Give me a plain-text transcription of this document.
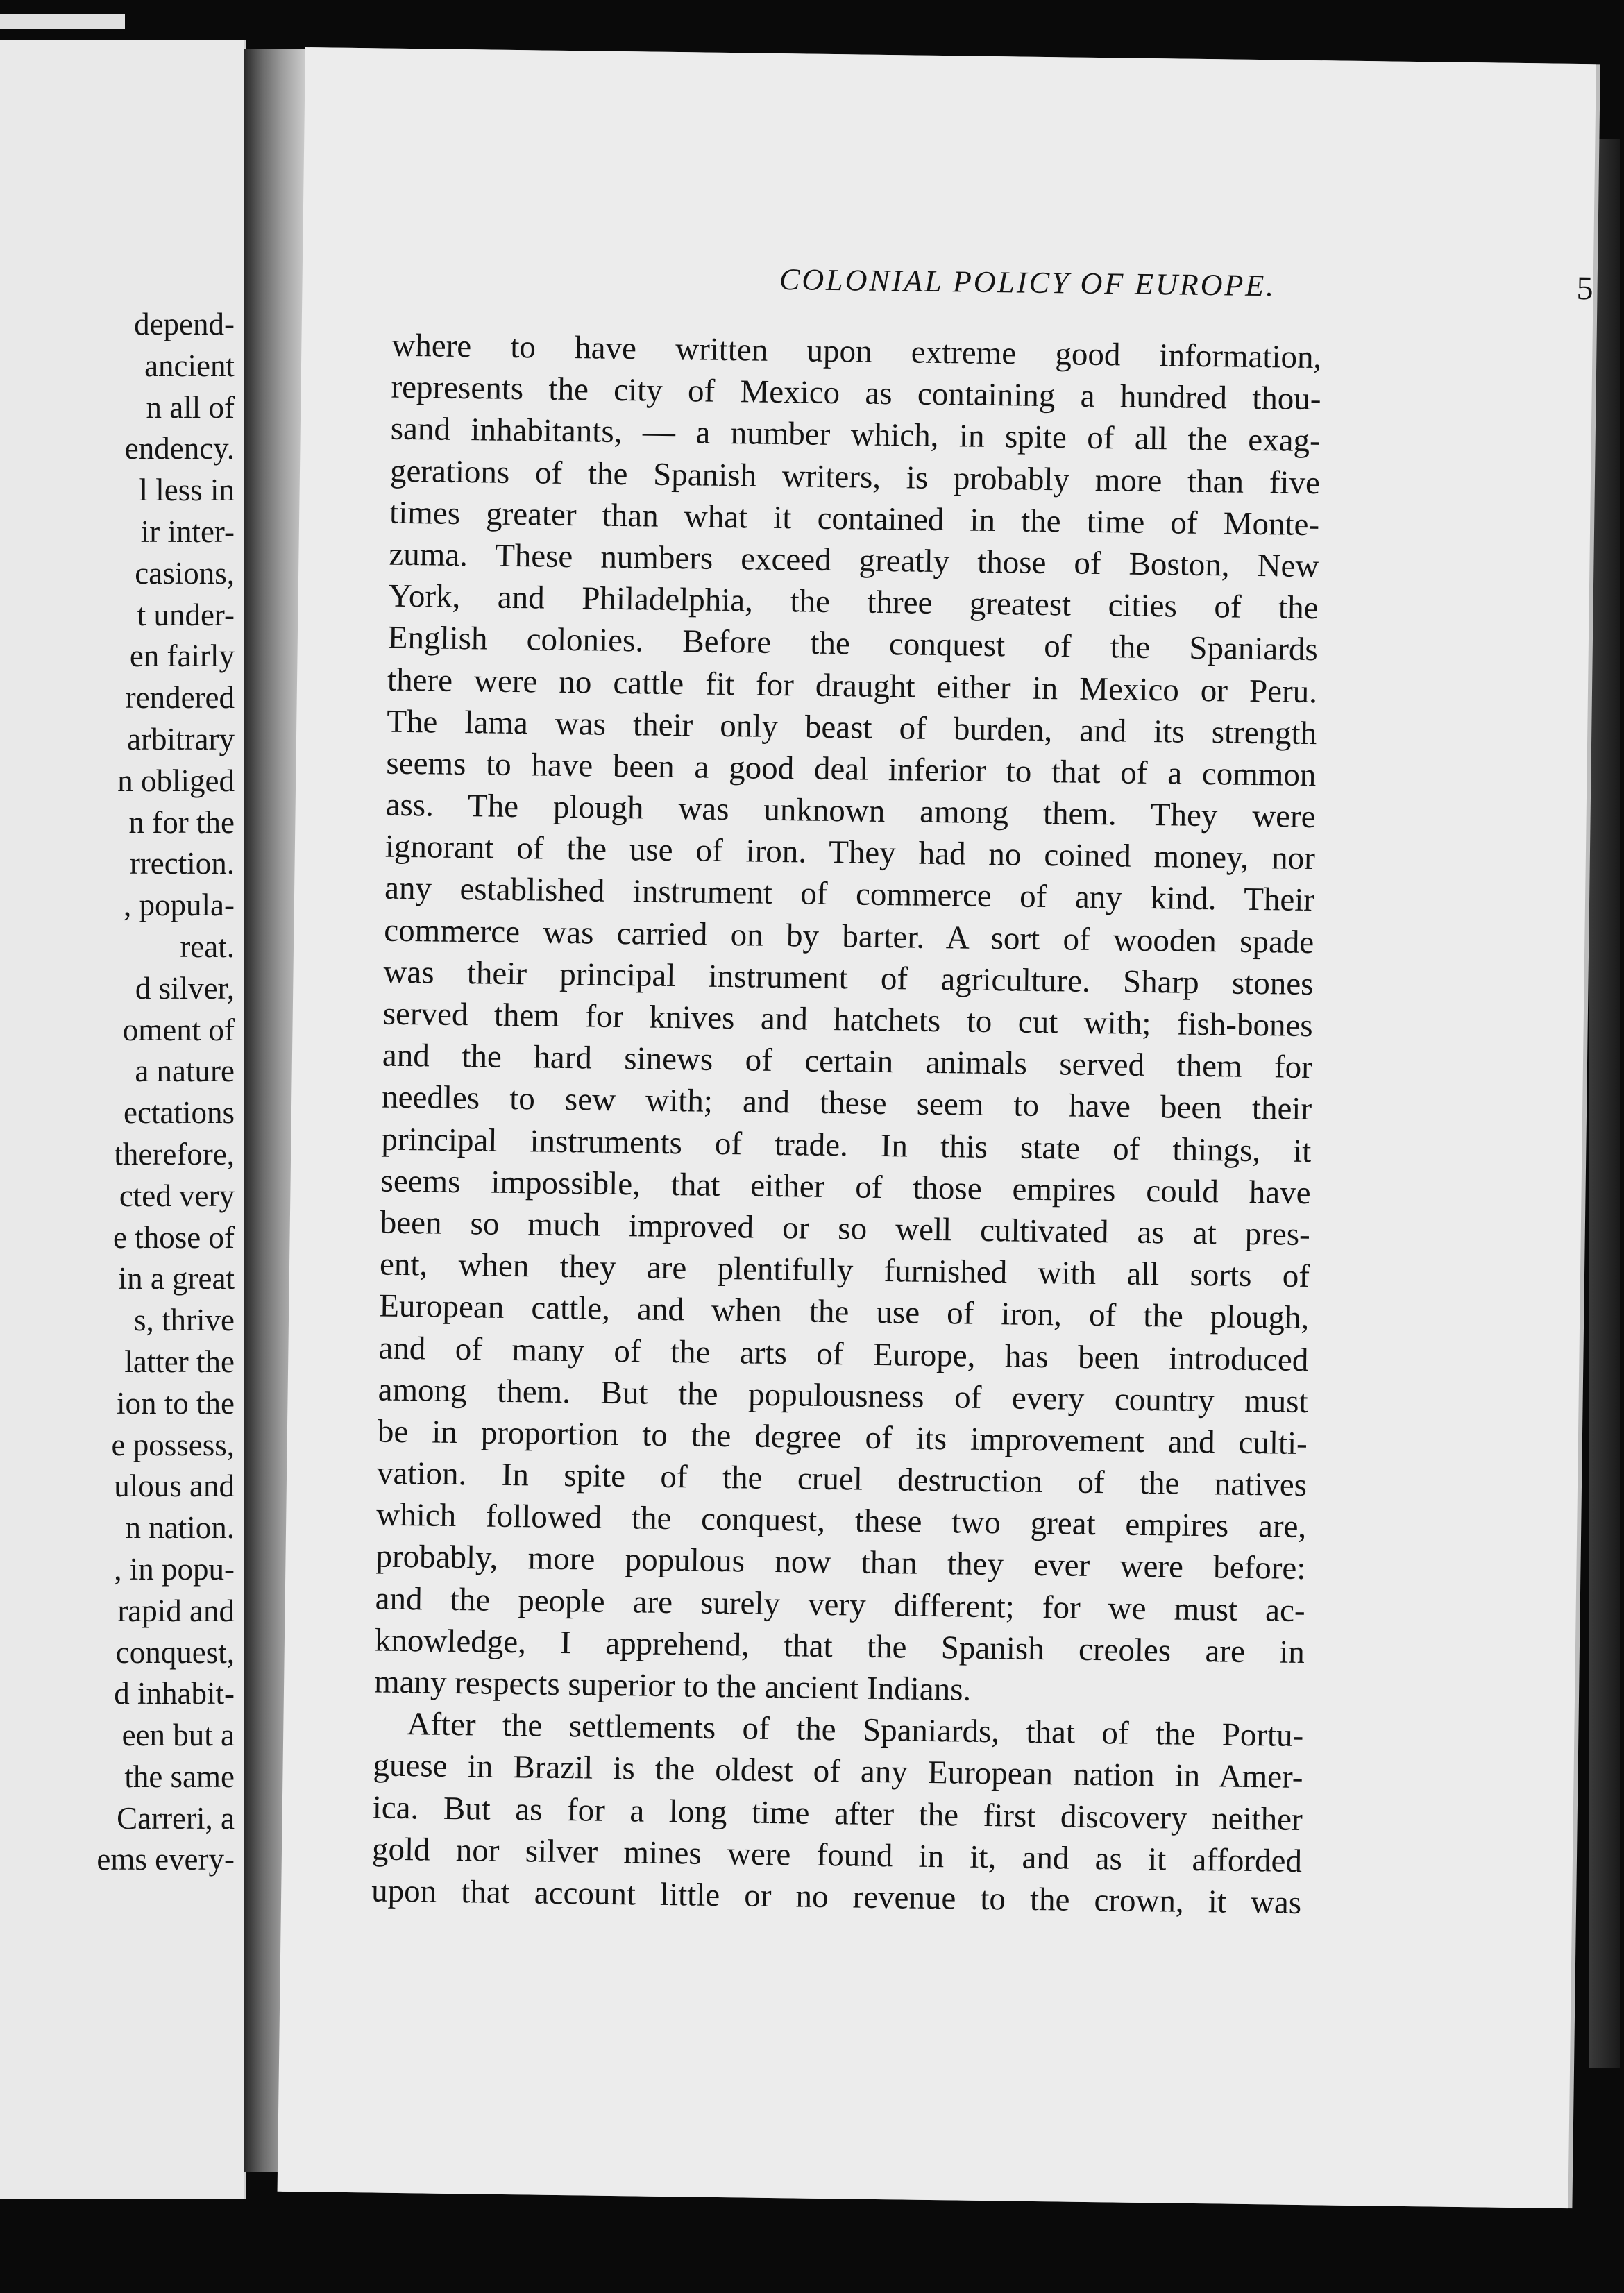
depend-
ancient
n all of
endency.
l less in
ir inter-
casions,
t under-
en fairly
rendered
arbitrary
n obliged
n for the
rrection.
, popula-
reat.
d silver,
oment of
a nature
ectations
therefore,
cted very
e those of
in a great
s, thrive
latter the
ion to the
e possess,
ulous and
n nation.
, in popu-
rapid and
conquest,
d inhabit-
een but a
the same
Carreri, a
ems every-
COLONIAL POLICY OF EUROPE.	5
where to have written upon extreme good information,
represents the city of Mexico as containing a hundred thou-
sand inhabitants, — a number which, in spite of all the exag-
gerations of the Spanish writers, is probably more than five
times greater than what it contained in the time of Monte-
zuma. These numbers exceed greatly those of Boston, New
York, and Philadelphia, the three greatest cities of the
English colonies. Before the conquest of the Spaniards
there were no cattle fit for draught either in Mexico or Peru.
The lama was their only beast of burden, and its strength
seems to have been a good deal inferior to that of a common
ass. The plough was unknown among them. They were
ignorant of the use of iron. They had no coined money, nor
any established instrument of commerce of any kind. Their
commerce was carried on by barter. A sort of wooden spade
was their principal instrument of agriculture. Sharp stones
served them for knives and hatchets to cut with; fish-bones
and the hard sinews of certain animals served them for
needles to sew with; and these seem to have been their
principal instruments of trade. In this state of things, it
seems impossible, that either of those empires could have
been so much improved or so well cultivated as at pres-
ent, when they are plentifully furnished with all sorts of
European cattle, and when the use of iron, of the plough,
and of many of the arts of Europe, has been introduced
among them. But the populousness of every country must
be in proportion to the degree of its improvement and culti-
vation. In spite of the cruel destruction of the natives
which followed the conquest, these two great empires are,
probably, more populous now than they ever were before:
and the people are surely very different; for we must ac-
knowledge, I apprehend, that the Spanish creoles are in
many respects superior to the ancient Indians.
After the settlements of the Spaniards, that of the Portu-
guese in Brazil is the oldest of any European nation in Amer-
ica. But as for a long time after the first discovery neither
gold nor silver mines were found in it, and as it afforded
upon that account little or no revenue to the crown, it was
